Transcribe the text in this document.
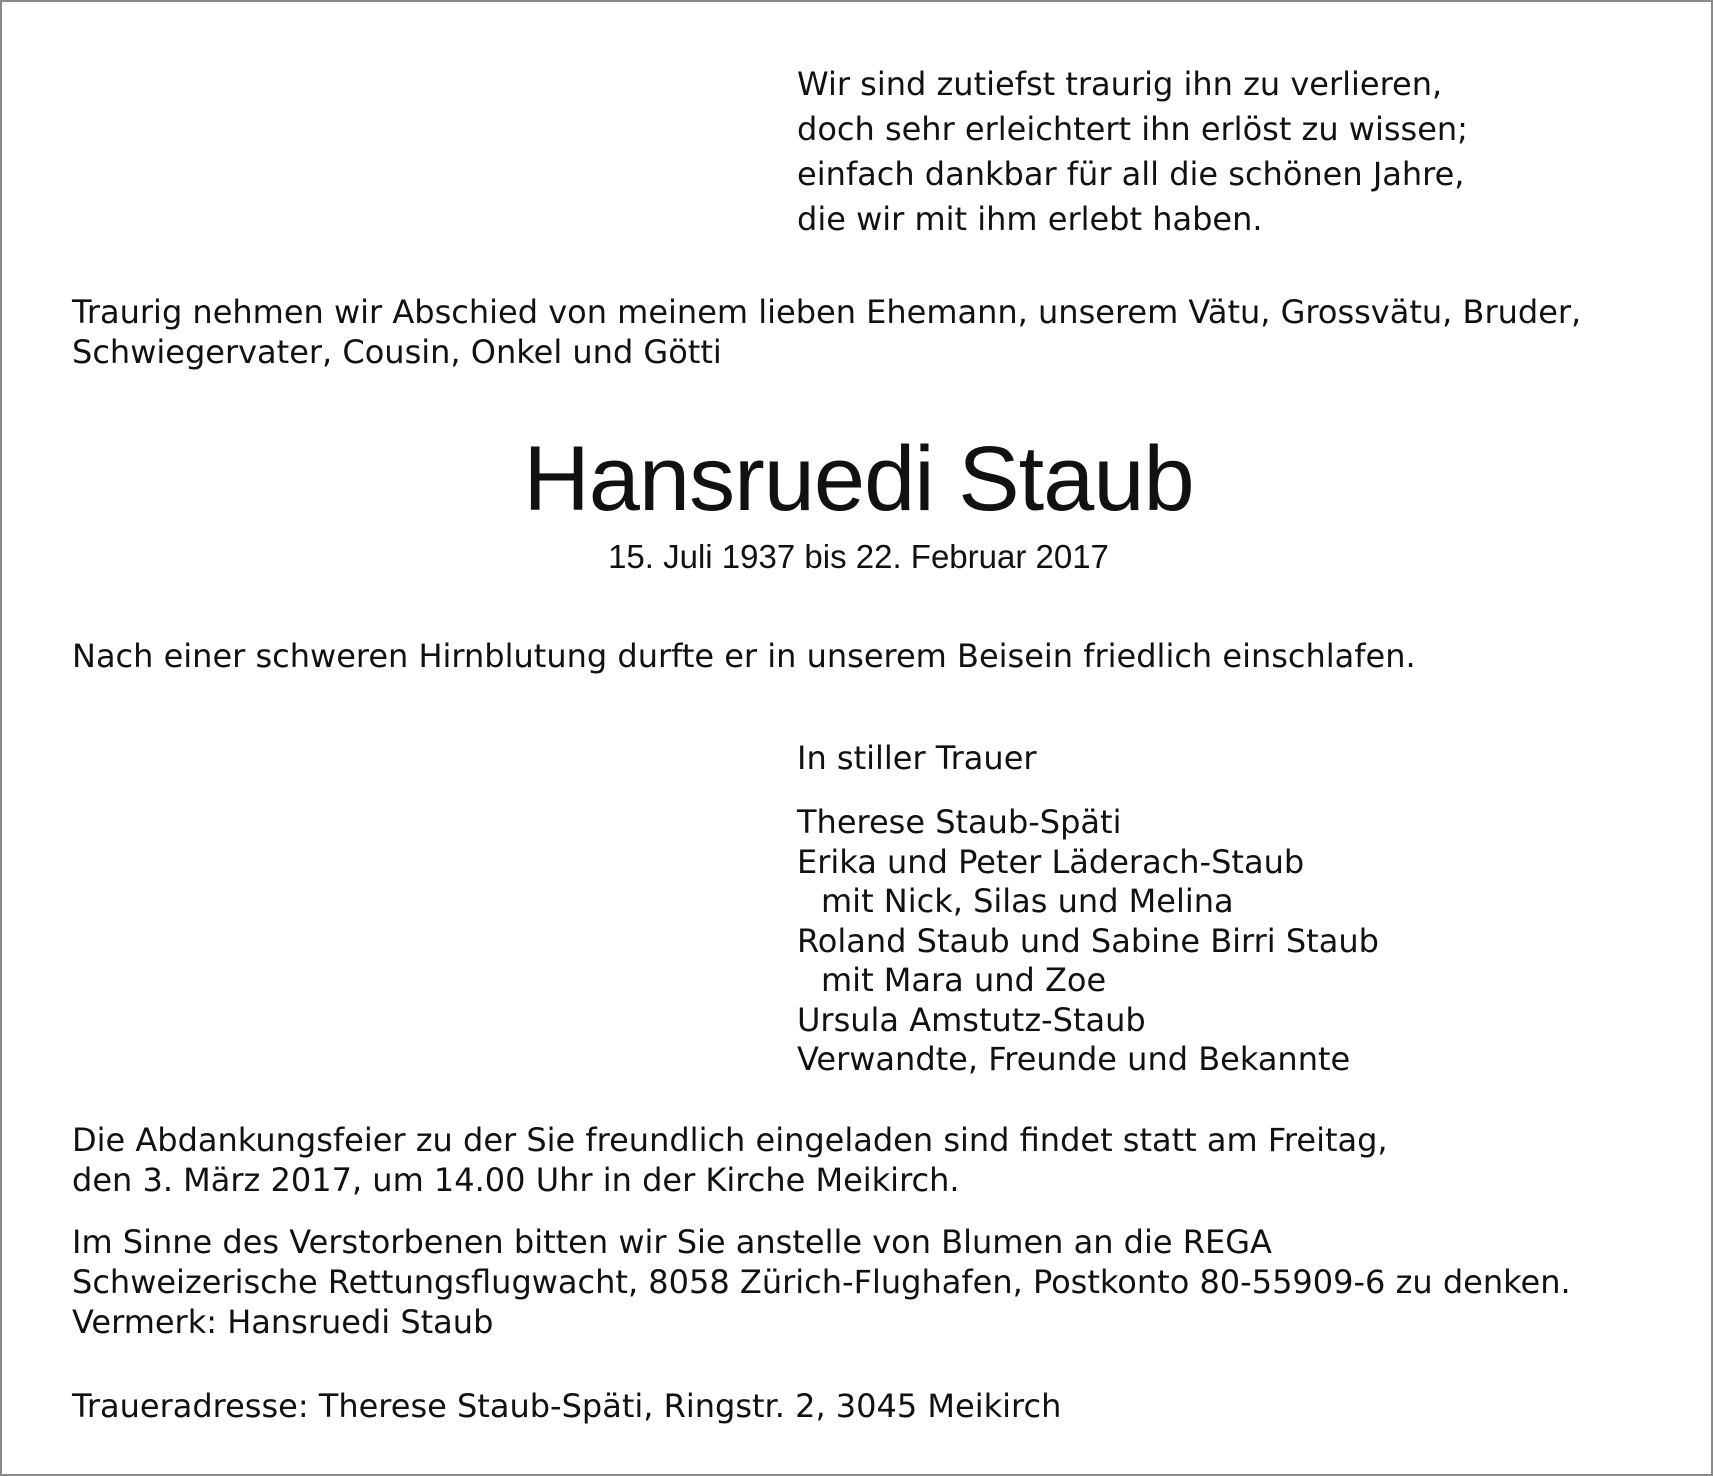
Wir sind zutiefst traurig ihn zu verlieren,
doch sehr erleichtert ihn erlöst zu wissen;
einfach dankbar für all die schönen Jahre,
die wir mit ihm erlebt haben.
Traurig nehmen wir Abschied von meinem lieben Ehemann, unserem Vätu, Grossvätu, Bruder,
Schwiegervater, Cousin, Onkel und Götti
Hansruedi Staub
15. Juli 1937 bis 22. Februar 2017
Nach einer schweren Hirnblutung durfte er in unserem Beisein friedlich einschlafen.
In stiller Trauer
Therese Staub-Späti
Erika und Peter Läderach-Staub
mit Nick, Silas und Melina
Roland Staub und Sabine Birri Staub
mit Mara und Zoe
Ursula Amstutz-Staub
Verwandte, Freunde und Bekannte
Die Abdankungsfeier zu der Sie freundlich eingeladen sind findet statt am Freitag,
den 3. März 2017, um 14.00 Uhr in der Kirche Meikirch.
Im Sinne des Verstorbenen bitten wir Sie anstelle von Blumen an die REGA
Schweizerische Rettungsflugwacht, 8058 Zürich-Flughafen, Postkonto 80-55909-6 zu denken.
Vermerk: Hansruedi Staub
Traueradresse: Therese Staub-Späti, Ringstr. 2, 3045 Meikirch
